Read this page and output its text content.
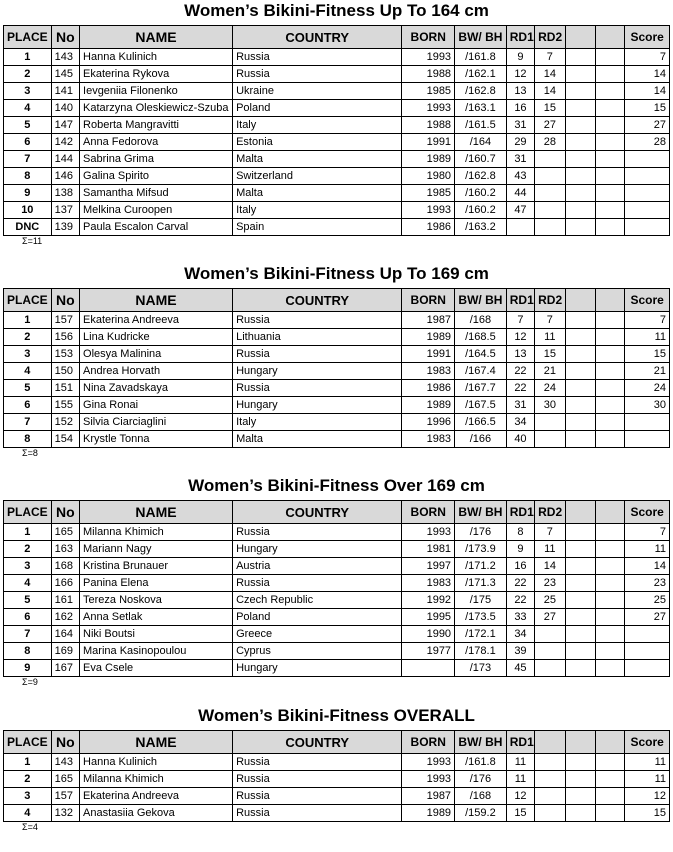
Women’s Bikini-Fitness Up To 164 cm
PLACE	No	NAME	COUNTRY	BORN	BW/ BH	RD1	RD2			Score
1	143	Hanna Kulinich	Russia	1993	/161.8	9	7			7
2	145	Ekaterina Rykova	Russia	1988	/162.1	12	14			14
3	141	Ievgeniia Filonenko	Ukraine	1985	/162.8	13	14			14
4	140	Katarzyna Oleskiewicz-Szuba	Poland	1993	/163.1	16	15			15
5	147	Roberta Mangravitti	Italy	1988	/161.5	31	27			27
6	142	Anna Fedorova	Estonia	1991	/164	29	28			28
7	144	Sabrina Grima	Malta	1989	/160.7	31				
8	146	Galina Spirito	Switzerland	1980	/162.8	43				
9	138	Samantha Mifsud	Malta	1985	/160.2	44				
10	137	Melkina Curoopen	Italy	1993	/160.2	47				
DNC	139	Paula Escalon Carval	Spain	1986	/163.2					
Σ=11
Women’s Bikini-Fitness Up To 169 cm
PLACE	No	NAME	COUNTRY	BORN	BW/ BH	RD1	RD2			Score
1	157	Ekaterina Andreeva	Russia	1987	/168	7	7			7
2	156	Lina Kudricke	Lithuania	1989	/168.5	12	11			11
3	153	Olesya Malinina	Russia	1991	/164.5	13	15			15
4	150	Andrea Horvath	Hungary	1983	/167.4	22	21			21
5	151	Nina Zavadskaya	Russia	1986	/167.7	22	24			24
6	155	Gina Ronai	Hungary	1989	/167.5	31	30			30
7	152	Silvia Ciarciaglini	Italy	1996	/166.5	34				
8	154	Krystle Tonna	Malta	1983	/166	40				
Σ=8
Women’s Bikini-Fitness Over 169 cm
PLACE	No	NAME	COUNTRY	BORN	BW/ BH	RD1	RD2			Score
1	165	Milanna Khimich	Russia	1993	/176	8	7			7
2	163	Mariann Nagy	Hungary	1981	/173.9	9	11			11
3	168	Kristina Brunauer	Austria	1997	/171.2	16	14			14
4	166	Panina Elena	Russia	1983	/171.3	22	23			23
5	161	Tereza Noskova	Czech Republic	1992	/175	22	25			25
6	162	Anna Setlak	Poland	1995	/173.5	33	27			27
7	164	Niki Boutsi	Greece	1990	/172.1	34				
8	169	Marina Kasinopoulou	Cyprus	1977	/178.1	39				
9	167	Eva Csele	Hungary		/173	45				
Σ=9
Women’s Bikini-Fitness OVERALL
PLACE	No	NAME	COUNTRY	BORN	BW/ BH	RD1				Score
1	143	Hanna Kulinich	Russia	1993	/161.8	11				11
2	165	Milanna Khimich	Russia	1993	/176	11				11
3	157	Ekaterina Andreeva	Russia	1987	/168	12				12
4	132	Anastasiia Gekova	Russia	1989	/159.2	15				15
Σ=4
